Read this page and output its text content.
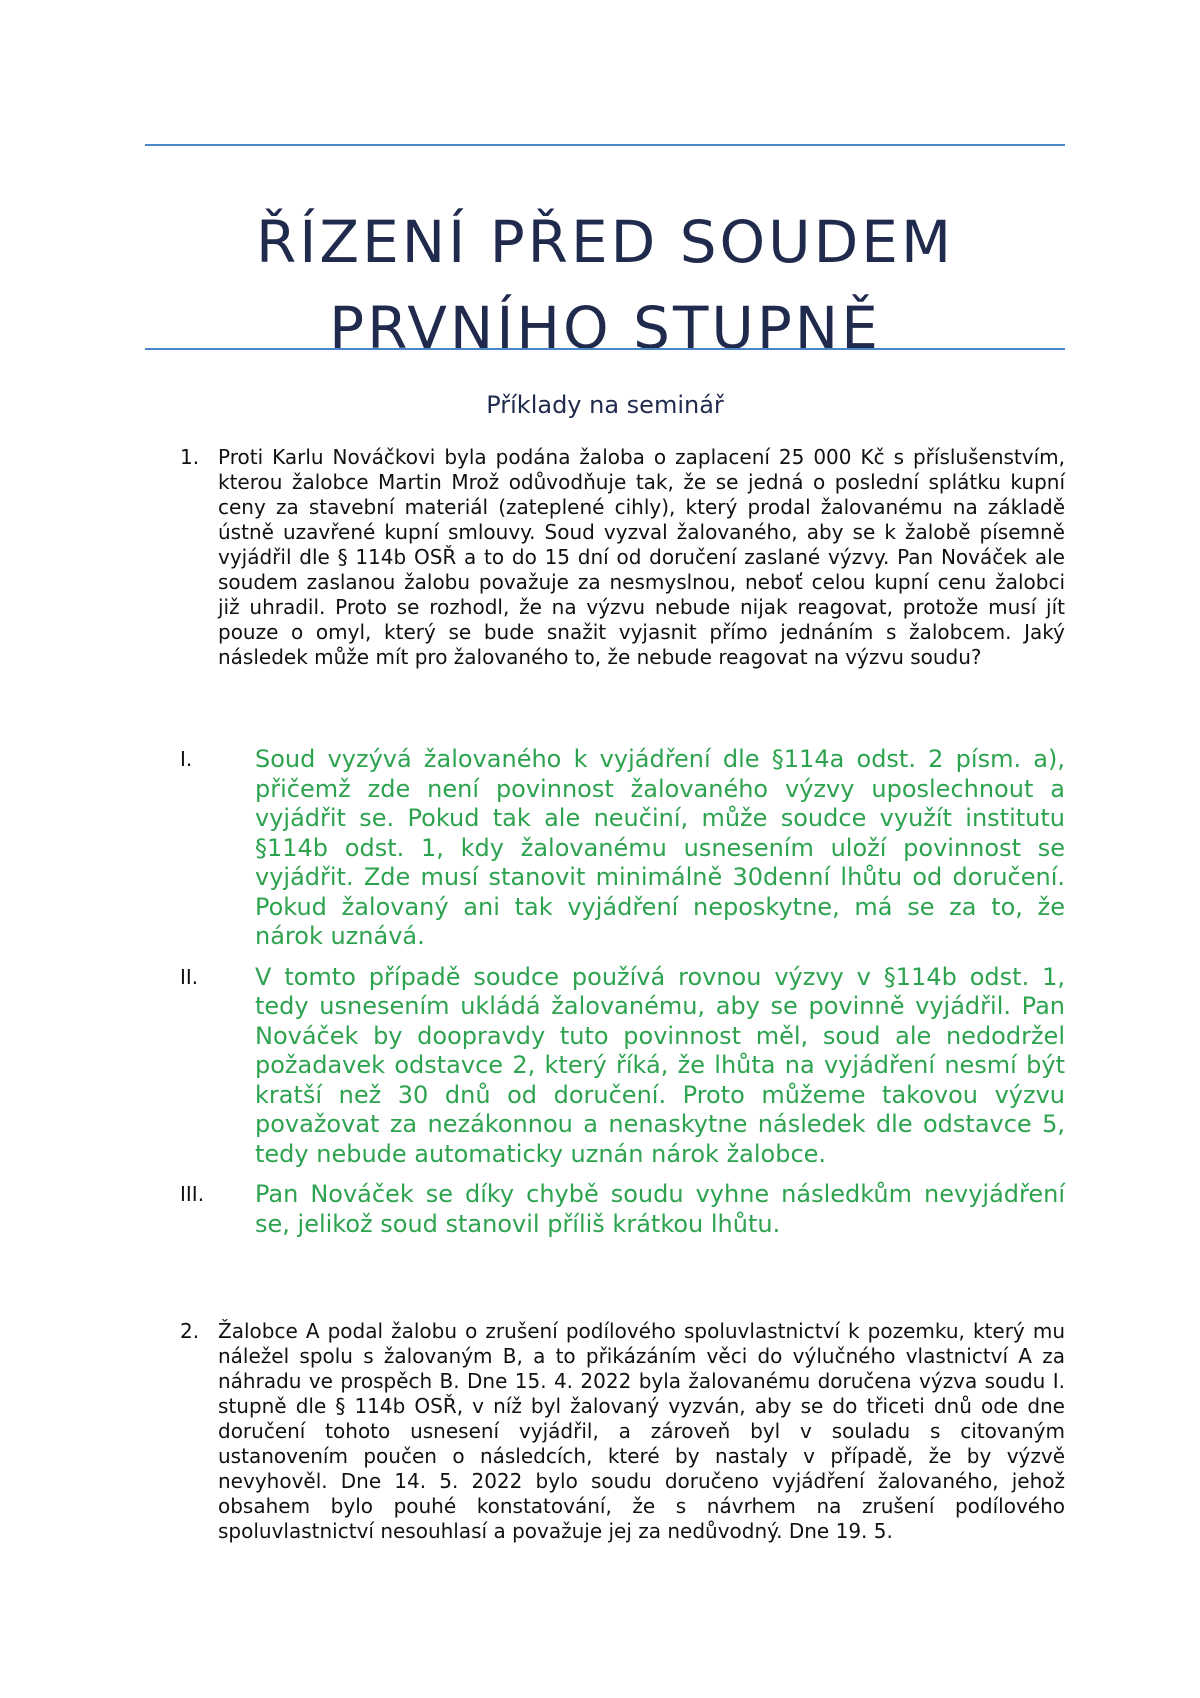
ŘÍZENÍ PŘED SOUDEM
PRVNÍHO STUPNĚ
Příklady na seminář
1. Proti Karlu Nováčkovi byla podána žaloba o zaplacení 25 000 Kč s příslušenstvím, kterou žalobce Martin Mrož odůvodňuje tak, že se jedná o poslední splátku kupní ceny za stavební materiál (zateplené cihly), který prodal žalovanému na základě ústně uzavřené kupní smlouvy. Soud vyzval žalovaného, aby se k žalobě písemně vyjádřil dle § 114b OSŘ a to do 15 dní od doručení zaslané výzvy. Pan Nováček ale soudem zaslanou žalobu považuje za nesmyslnou, neboť celou kupní cenu žalobci již uhradil. Proto se rozhodl, že na výzvu nebude nijak reagovat, protože musí jít pouze o omyl, který se bude snažit vyjasnit přímo jednáním s žalobcem. Jaký následek může mít pro žalovaného to, že nebude reagovat na výzvu soudu?
I.	Soud vyzývá žalovaného k vyjádření dle §114a odst. 2 písm. a), přičemž zde není povinnost žalovaného výzvy uposlechnout a vyjádřit se. Pokud tak ale neučiní, může soudce využít institutu §114b odst. 1, kdy žalovanému usnesením uloží povinnost se vyjádřit. Zde musí stanovit minimálně 30denní lhůtu od doručení. Pokud žalovaný ani tak vyjádření neposkytne, má se za to, že nárok uznává.
II. V tomto případě soudce používá rovnou výzvy v §114b odst. 1, tedy usnesením ukládá žalovanému, aby se povinně vyjádřil. Pan Nováček by doopravdy tuto povinnost měl, soud ale nedodržel požadavek odstavce 2, který říká, že lhůta na vyjádření nesmí být kratší než 30 dnů od doručení. Proto můžeme takovou výzvu považovat za nezákonnou a nenaskytne následek dle odstavce 5, tedy nebude automaticky uznán nárok žalobce.
III. Pan Nováček se díky chybě soudu vyhne následkům nevyjádření se, jelikož soud stanovil příliš krátkou lhůtu.
2. Žalobce A podal žalobu o zrušení podílového spoluvlastnictví k pozemku, který mu náležel spolu s žalovaným B, a to přikázáním věci do výlučného vlastnictví A za náhradu ve prospěch B. Dne 15. 4. 2022 byla žalovanému doručena výzva soudu I. stupně dle § 114b OSŘ, v níž byl žalovaný vyzván, aby se do třiceti dnů ode dne doručení tohoto usnesení vyjádřil, a zároveň byl v souladu s citovaným ustanovením poučen o následcích, které by nastaly v případě, že by výzvě nevyhověl. Dne 14. 5. 2022 bylo soudu doručeno vyjádření žalovaného, jehož obsahem bylo pouhé konstatování, že s návrhem na zrušení podílového spoluvlastnictví nesouhlasí a považuje jej za nedůvodný. Dne 19. 5.
